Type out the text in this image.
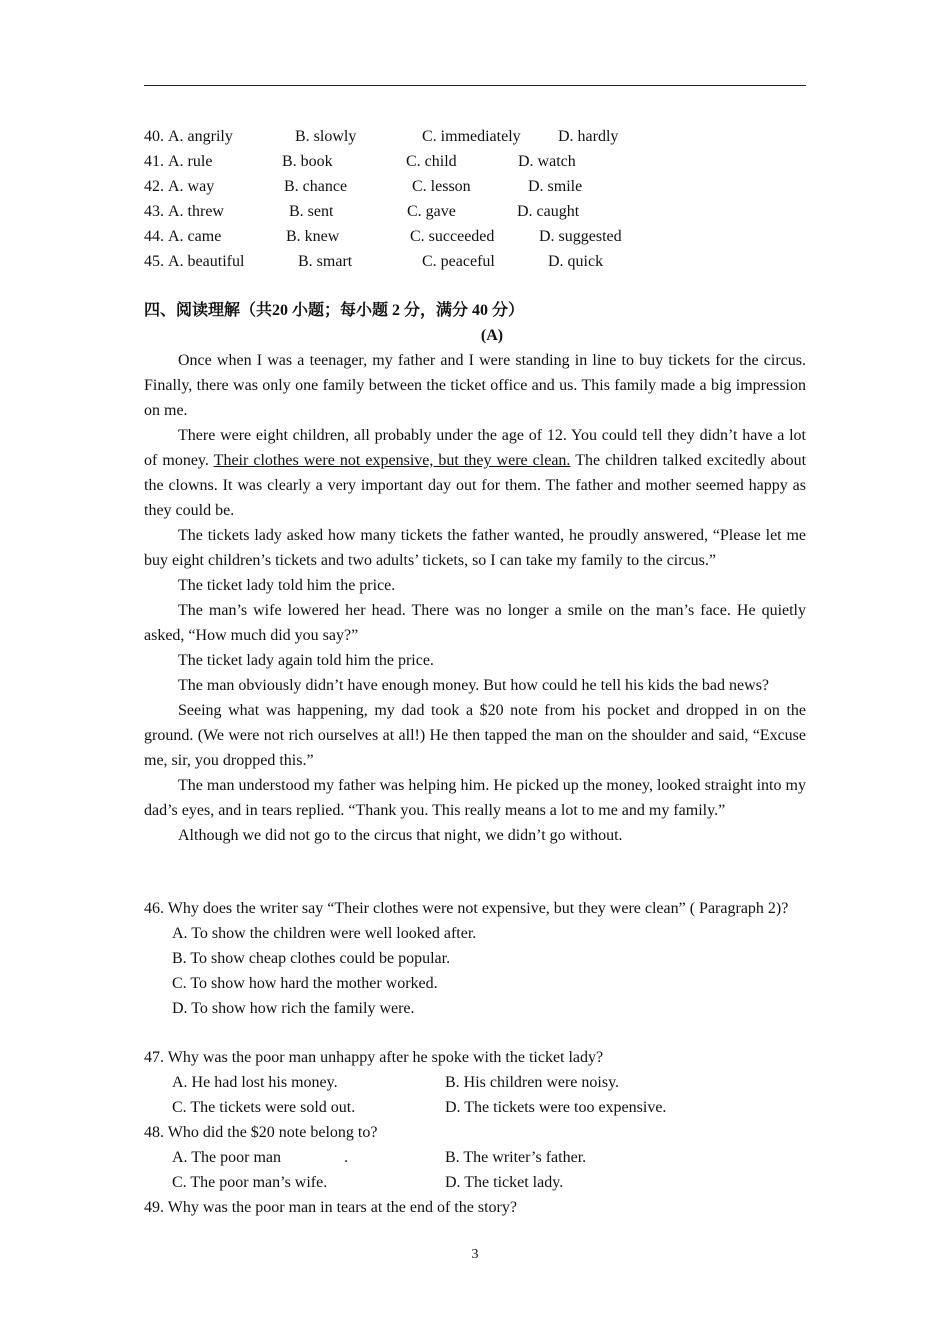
40. A. angrily	B. slowly	C. immediately D. hardly
41. A. rule	B. book	C. child	D. watch
42. A. way	B. chance	C. lesson	D. smile
43. A. threw	B. sent	C. gave	D. caught
44. A. came	B. knew	C. succeeded	D. suggested
45. A. beautiful	B. smart	C. peaceful	D. quick
四、阅读理解（共20 小题；每小题 2 分，满分 40 分）
(A)

Once when I was a teenager, my father and I were standing in line to buy tickets for the circus. Finally, there was only one family between the ticket office and us. This family made a big impression on me.

There were eight children, all probably under the age of 12. You could tell they didn’t have a lot of money. Their clothes were not expensive, but they were clean. The children talked excitedly about the clowns. It was clearly a very important day out for them. The father and mother seemed happy as they could be.

The tickets lady asked how many tickets the father wanted, he proudly answered, “Please let me buy eight children’s tickets and two adults’ tickets, so I can take my family to the circus.”

The ticket lady told him the price.

The man’s wife lowered her head. There was no longer a smile on the man’s face. He quietly asked, “How much did you say?”

The ticket lady again told him the price.

The man obviously didn’t have enough money. But how could he tell his kids the bad news?

Seeing what was happening, my dad took a $20 note from his pocket and dropped in on the ground. (We were not rich ourselves at all!) He then tapped the man on the shoulder and said, “Excuse me, sir, you dropped this.”

The man understood my father was helping him. He picked up the money, looked straight into my dad’s eyes, and in tears replied. “Thank you. This really means a lot to me and my family.”

Although we did not go to the circus that night, we didn’t go without.

46. Why does the writer say “Their clothes were not expensive, but they were clean” ( Paragraph 2)?

A. To show the children were well looked after.

B. To show cheap clothes could be popular.

C. To show how hard the mother worked.

D. To show how rich the family were.

47. Why was the poor man unhappy after he spoke with the ticket lady?

A. He had lost his money.	B. His children were noisy.
C. The tickets were sold out.	D. The tickets were too expensive.

48. Who did the $20 note belong to?

A. The poor man	.	B. The writer’s father.
C. The poor man’s wife.	D. The ticket lady.

49. Why was the poor man in tears at the end of the story?

3
